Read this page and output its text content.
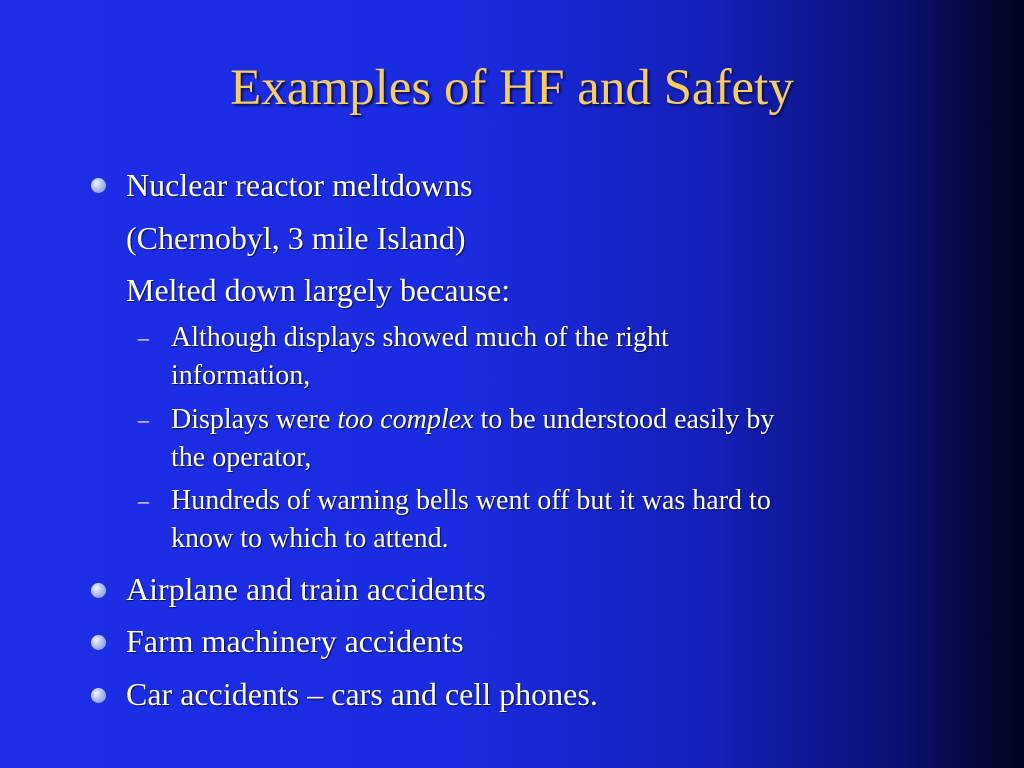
Examples of HF and Safety
Nuclear reactor meltdowns
(Chernobyl, 3 mile Island)
Melted down largely because:
– Although displays showed much of the right
information,
– Displays were too complex to be understood easily by
the operator,
– Hundreds of warning bells went off but it was hard to
know to which to attend.
Airplane and train accidents
Farm machinery accidents
Car accidents – cars and cell phones.
